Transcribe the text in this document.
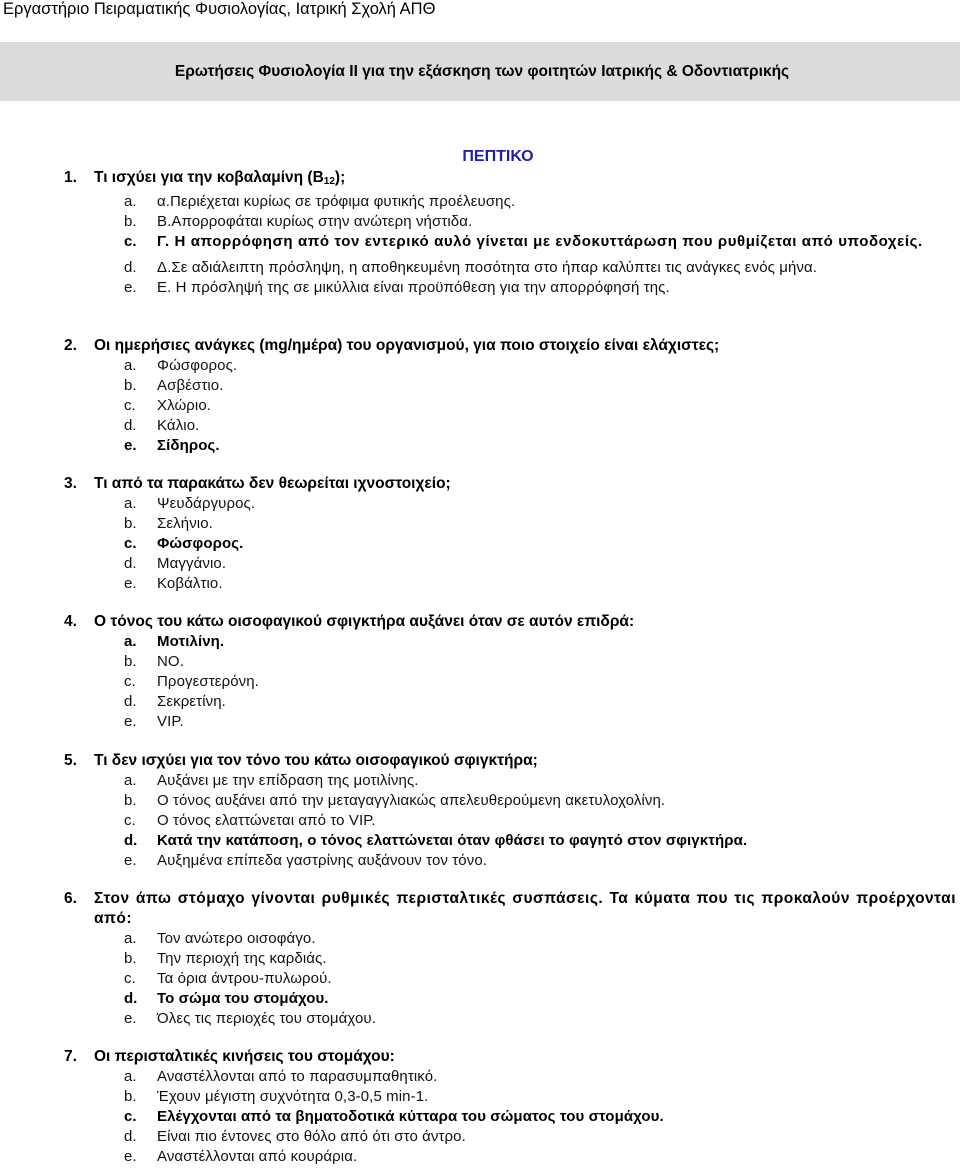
Εργαστήριο Πειραματικής Φυσιολογίας, Ιατρική Σχολή ΑΠΘ
Ερωτήσεις Φυσιολογία ΙΙ για την εξάσκηση των φοιτητών Ιατρικής & Οδοντιατρικής
ΠΕΠΤΙΚΟ
1.	Τι ισχύει για την κοβαλαμίνη $(B_{12})$;
a.	α.Περιέχεται κυρίως σε τρόφιμα φυτικής προέλευσης.
b.	Β.Απορροφάται κυρίως στην ανώτερη νήστιδα.
c.	Γ. Η απορρόφηση από τον εντερικό αυλό γίνεται με ενδοκυττάρωση που ρυθμίζεται από υποδοχείς.
d.	Δ.Σε αδιάλειπτη πρόσληψη, η αποθηκευμένη ποσότητα στο ήπαρ καλύπτει τις ανάγκες ενός μήνα.
e.	Ε. Η πρόσληψή της σε μικύλλια είναι προϋπόθεση για την απορρόφησή της.
2.	Οι ημερήσιες ανάγκες (mg/ημέρα) του οργανισμού, για ποιο στοιχείο είναι ελάχιστες;
a.	Φώσφορος.
b.	Ασβέστιο.
c.	Χλώριο.
d.	Κάλιο.
e.	Σίδηρος.
3.	Τι από τα παρακάτω δεν θεωρείται ιχνοστοιχείο;
a.	Ψευδάργυρος.
b.	Σελήνιο.
c.	Φώσφορος.
d.	Μαγγάνιο.
e.	Κοβάλτιο.
4.	Ο τόνος του κάτω οισοφαγικού σφιγκτήρα αυξάνει όταν σε αυτόν επιδρά:
a.	Μοτιλίνη.
b.	NO.
c.	Προγεστερόνη.
d.	Σεκρετίνη.
e.	VIP.
5.	Τι δεν ισχύει για τον τόνο του κάτω οισοφαγικού σφιγκτήρα;
a.	Αυξάνει με την επίδραση της μοτιλίνης.
b.	Ο τόνος αυξάνει από την μεταγαγγλιακώς απελευθερούμενη ακετυλοχολίνη.
c.	Ο τόνος ελαττώνεται από το VIP.
d.	Κατά την κατάποση, ο τόνος ελαττώνεται όταν φθάσει το φαγητό στον σφιγκτήρα.
e.	Αυξημένα επίπεδα γαστρίνης αυξάνουν τον τόνο.
6.	Στον άπω στόμαχο γίνονται ρυθμικές περισταλτικές συσπάσεις. Τα κύματα που τις προκαλούν προέρχονται από:
a.	Τον ανώτερο οισοφάγο.
b.	Την περιοχή της καρδιάς.
c.	Τα όρια άντρου-πυλωρού.
d.	Το σώμα του στομάχου.
e.	Όλες τις περιοχές του στομάχου.
7.	Οι περισταλτικές κινήσεις του στομάχου:
a.	Αναστέλλονται από το παρασυμπαθητικό.
b.	Έχουν μέγιστη συχνότητα 0,3-0,5 min-1.
c.	Ελέγχονται από τα βηματοδοτικά κύτταρα του σώματος του στομάχου.
d.	Είναι πιο έντονες στο θόλο από ότι στο άντρο.
e.	Αναστέλλονται από κουράρια.
